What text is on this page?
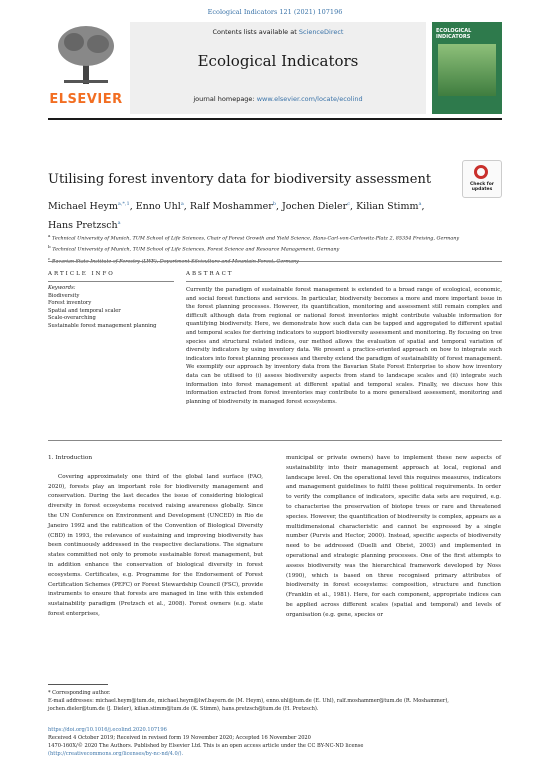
Ecological Indicators 121 (2021) 107196
ELSEVIER
Contents lists available at ScienceDirect
Ecological Indicators
journal homepage: www.elsevier.com/locate/ecolind
ECOLOGICAL INDICATORS
Utilising forest inventory data for biodiversity assessment	Check for updates
Michael Heym$^{a,*,1}$, Enno Uhl$^a$, Ralf Moshammer$^b$, Jochen Dieler$^c$, Kilian Stimm$^a$,
Hans Pretzsch$^a$
$^a$ Technical University of Munich, TUM School of Life Sciences, Chair of Forest Growth and Yield Science, Hans-Carl-von-Carlowitz-Platz 2, 85354 Freising, Germany
$^b$ Technical University of Munich, TUM School of Life Sciences, Forest Science and Resource Management, Germany
$^c$
ARTICLE INFO	ABSTRACT
Keywords:
Biodiversity
Forest inventory
Spatial and temporal scaler
Scale-overarching
Sustainable forest management planning
Currently the paradigm of sustainable forest management is extended to a broad range of ecological, economic, and social forest functions and services. In particular, biodiversity becomes a more and more important issue in the forest planning processes. However, its quantification, monitoring and assessment still remain complex and difficult although data from regional or national forest inventories might contribute valuable information for quantifying biodiversity. Here, we demonstrate how such data can be tapped and aggregated to different spatial and temporal scales for deriving indicators to support biodiversity assessment and monitoring. By focusing on tree species and structural related indices, our method allows the evaluation of spatial and temporal variation of diversity indicators by using inventory data. We present a practice-oriented approach on how to integrate such indicators into forest planning processes and thereby extend the paradigm of sustainability of forest management. We exemplify our approach by inventory data from the Bavarian State Forest Enterprise to show how inventory data can be utilised to (i) assess biodiversity aspects from stand to landscape scales and (ii) integrate such information into forest management at different spatial and temporal scales. Finally, we discuss how this information extracted from forest inventories may contribute to a more generalised assessment, monitoring and planning of biodiversity in managed forest ecosystems.
1. Introduction

Covering approximately one third of the global land surface (FAO, 2020), forests play an important role for biodiversity management and conservation. During the last decades the issue of considering biological diversity in forest ecosystems received raising awareness globally. Since the UN Conference on Environment and Development (UNCED) in Rio de Janeiro 1992 and the ratification of the Convention of Biological Diversity (CBD) in 1993, the relevance of sustaining and improving biodiversity has been continuously addressed in the respective declarations. The signature states committed not only to promote sustainable forest management, but in addition enhance the conservation of biological diversity in forest ecosystems. Certificates, e.g. Programme for the Endorsement of Forest Certification Schemes (PEFC) or Forest Stewardship Council (FSC), provide instruments to ensure that forests are managed in line with this extended sustainability paradigm (Pretzsch et al., 2008). Forest owners (e.g. state forest enterprises,

municipal or private owners) have to implement these new aspects of sustainability into their management approach at local, regional and landscape level. On the operational level this requires measures, indicators and management guidelines to fulfil these political requirements. In order to verify the compliance of indicators, specific data sets are required, e.g. to characterise the preservation of biotope trees or rare and threatened species. However, the quantification of biodiversity is complex, appears as a multidimensional characteristic and cannot be expressed by a single number (Purvis and Hector, 2000). Instead, specific aspects of biodiversity need to be addressed (Duelli and Obrist, 2003) and implemented in operational and strategic planning processes. One of the first attempts to assess biodiversity was the hierarchical framework developed by Noss (1990), which is based on three recognised primary attributes of biodiversity in forest ecosystems: composition, structure and function (Franklin et al., 1981). Here, for each component, appropriate indices can be applied across different scales (spatial and temporal) and levels of organisation (e.g. gene, species or

* Corresponding author.
E-mail addresses: michael.heym@tum.de, michael.heym@lwf.bayern.de (M. Heym), enno.uhl@tum.de (E. Uhl), ralf.moshammer@tum.de (R. Moshammer), jochen.dieler@tum.de (J. Dieler), kilian.stimm@tum.de (K. Stimm), hans.pretzsch@tum.de (H. Pretzsch).
https://doi.org/10.1016/j.ecolind.2020.107196
Received 4 October 2019; Received in revised form 19 November 2020; Accepted 16 November 2020
1470-160X/© 2020 The Authors. Published by Elsevier Ltd. This is an open access article under the CC BY-NC-ND license
(http://creativecommons.org/licenses/by-nc-nd/4.0/).
